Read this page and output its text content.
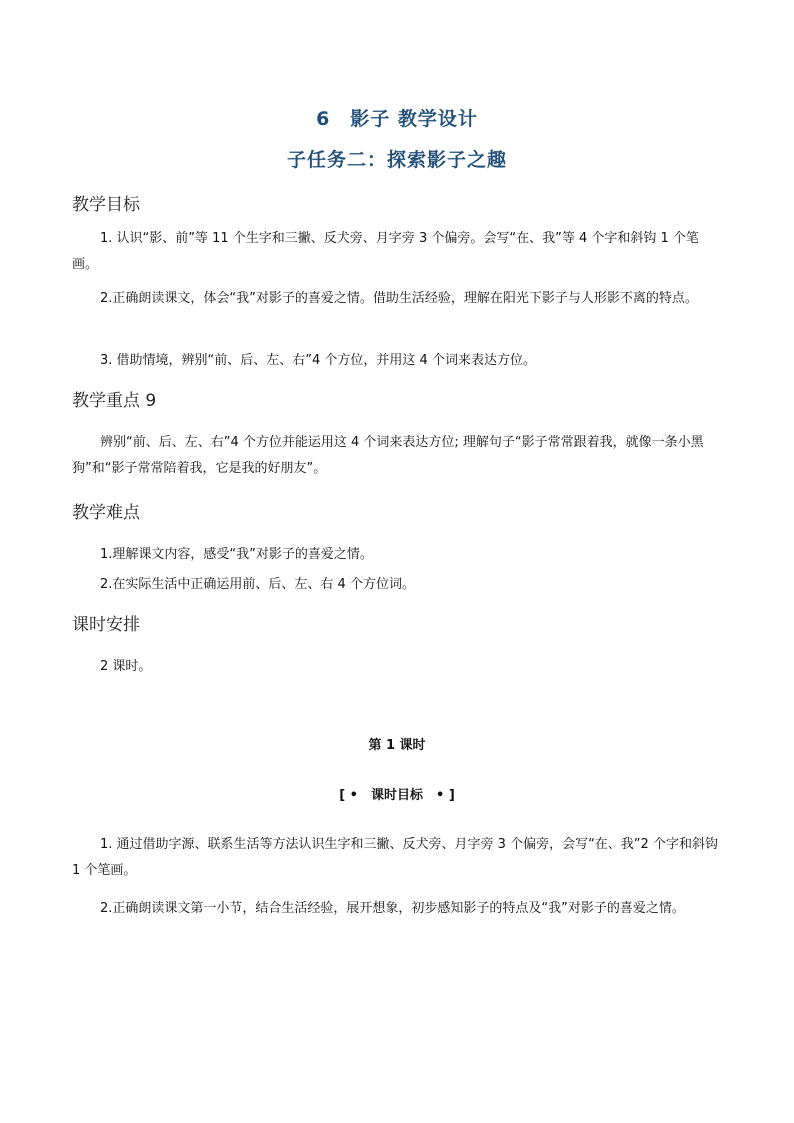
6　影子 教学设计
子任务二：探索影子之趣
教学目标
1. 认识“影、前”等 11 个生字和三撇、反犬旁、月字旁 3 个偏旁。会写“在、我”等 4 个字和斜钩 1 个笔画。
2.正确朗读课文，体会“我”对影子的喜爱之情。借助生活经验，理解在阳光下影子与人形影不离的特点。
3. 借助情境，辨别“前、后、左、右”4 个方位，并用这 4 个词来表达方位。
教学重点 9
辨别“前、后、左、右”4 个方位并能运用这 4 个词来表达方位; 理解句子“影子常常跟着我，就像一条小黑狗”和“影子常常陪着我，它是我的好朋友”。
教学难点
1.理解课文内容，感受“我”对影子的喜爱之情。
2.在实际生活中正确运用前、后、左、右 4 个方位词。
课时安排
2 课时。
第 1 课时
[ •　课时目标　• ]
1. 通过借助字源、联系生活等方法认识生字和三撇、反犬旁、月字旁 3 个偏旁，会写“在、我”2 个字和斜钩 1 个笔画。
2.正确朗读课文第一小节，结合生活经验，展开想象，初步感知影子的特点及“我”对影子的喜爱之情。
